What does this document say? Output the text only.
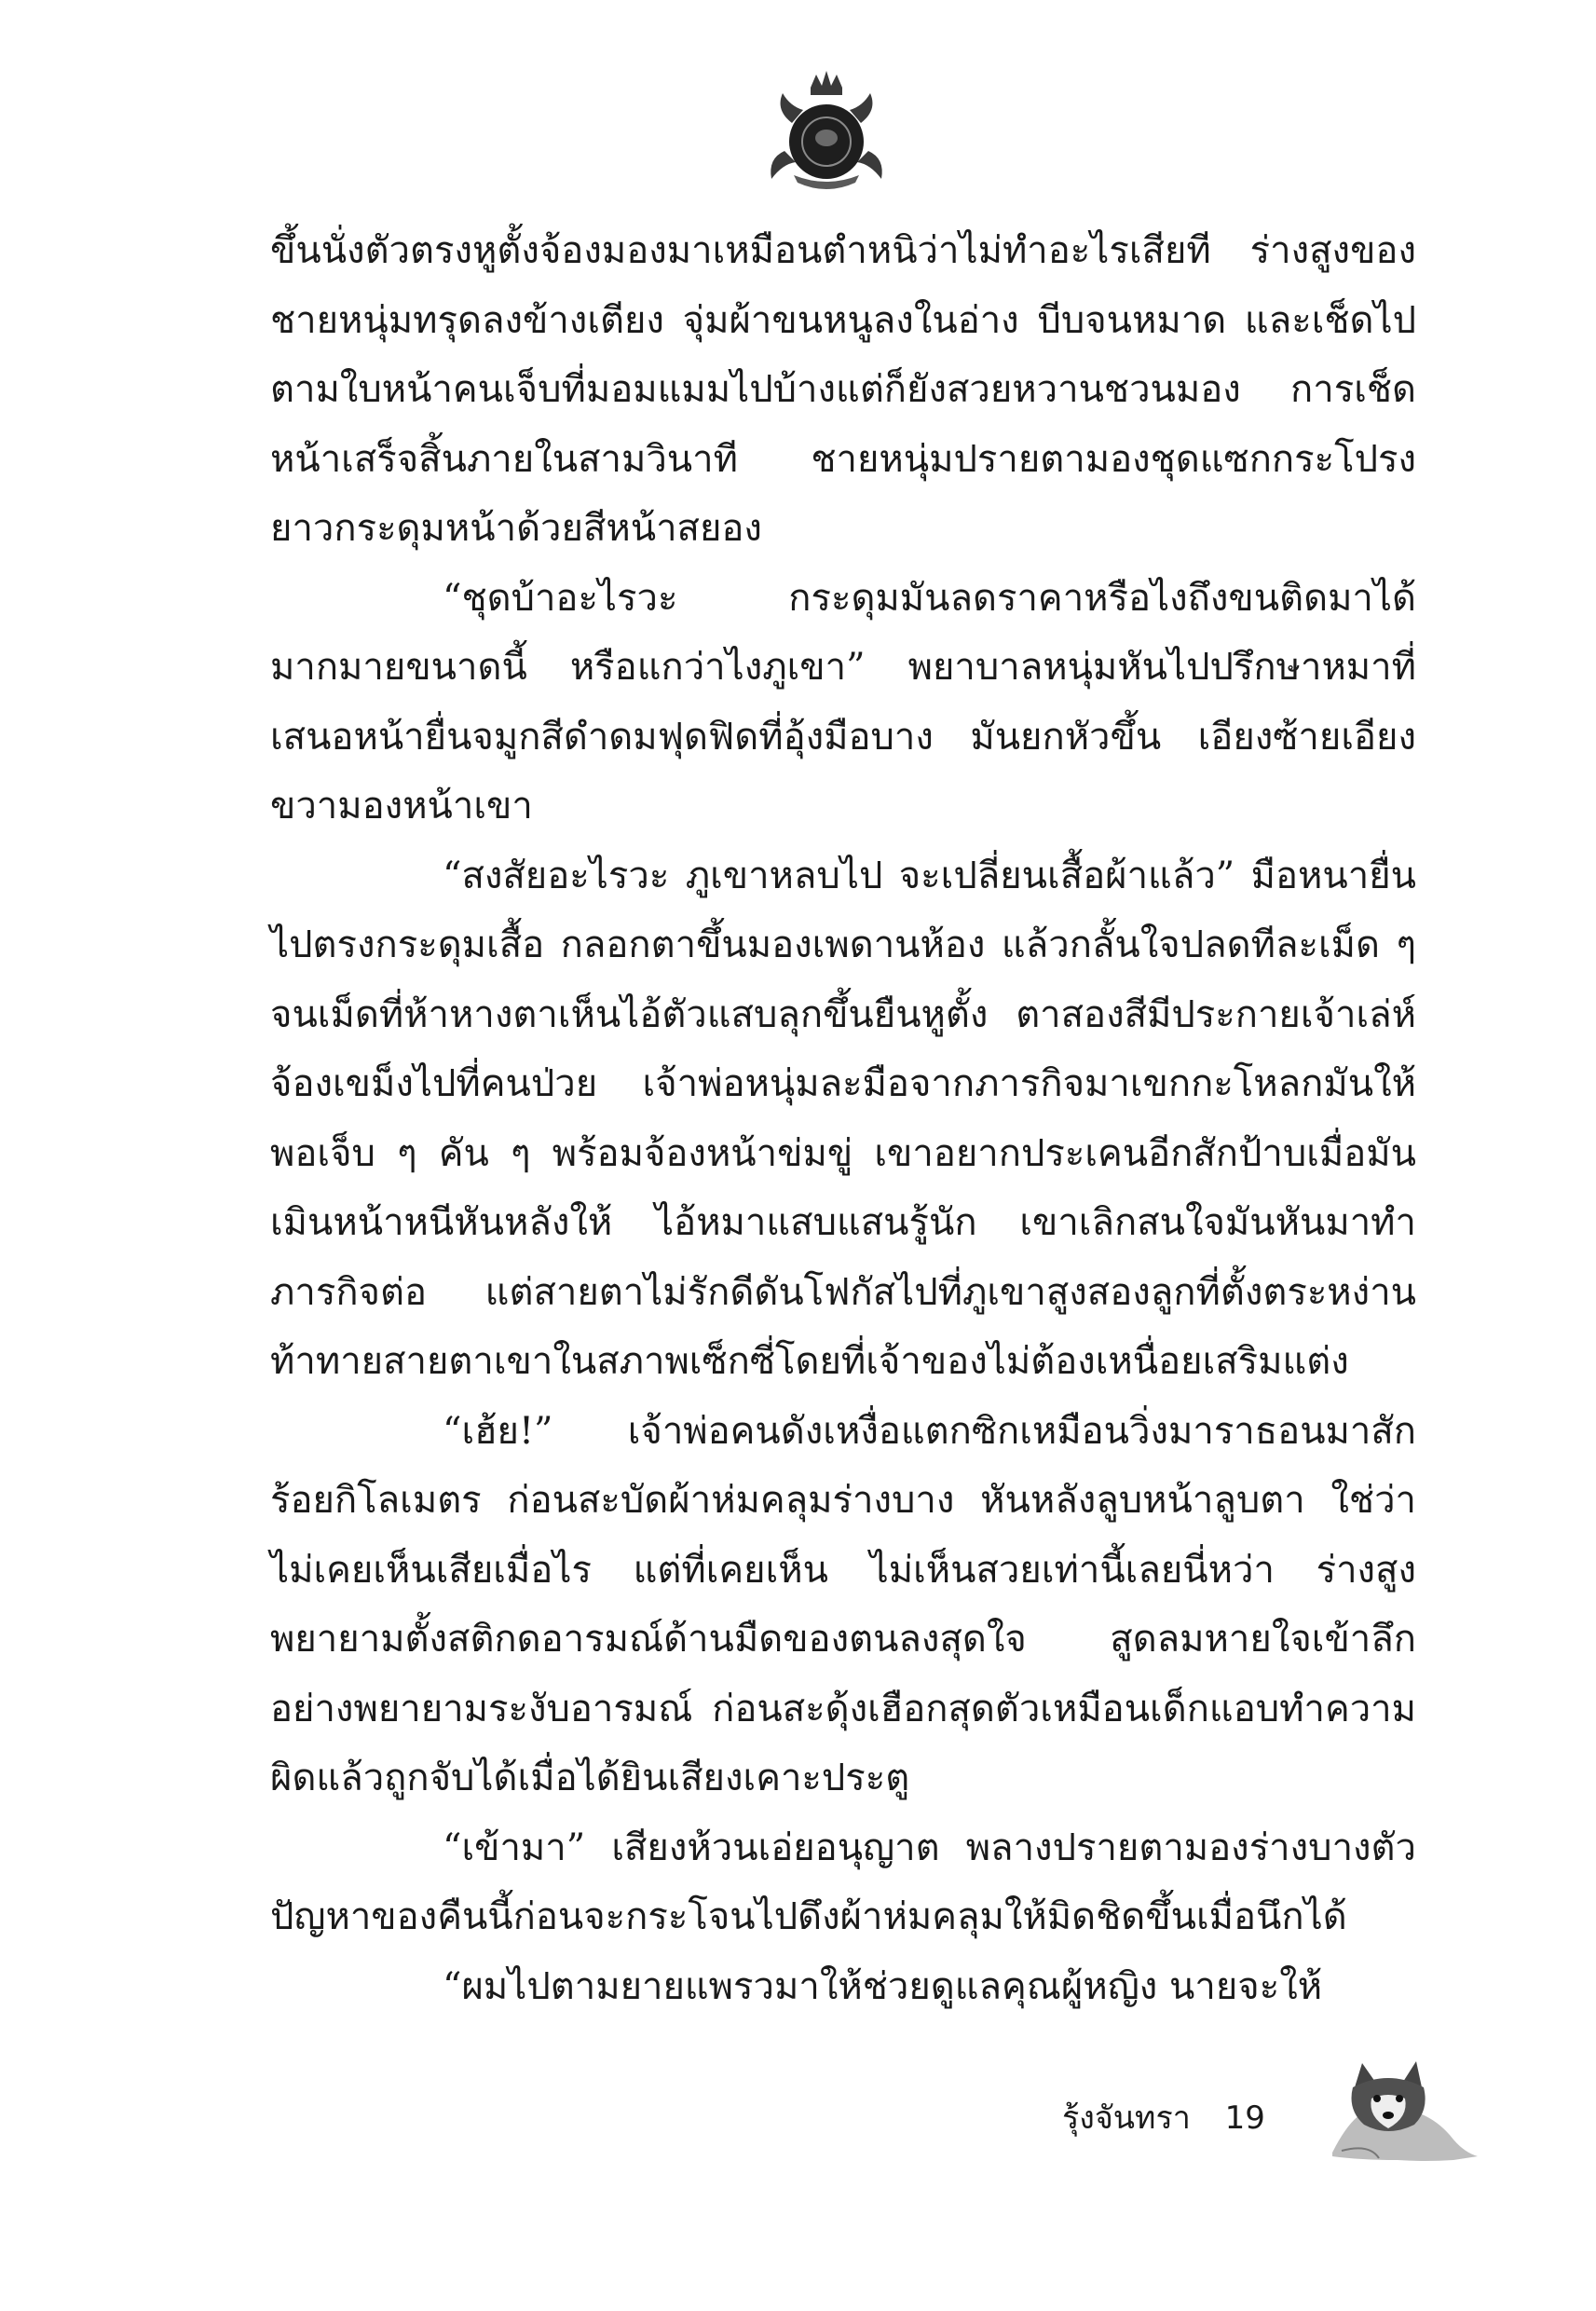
ขึ้นนั่งตัวตรงหูตั้งจ้องมองมาเหมือนตำหนิว่าไม่ทำอะไรเสียที ร่างสูงของชายหนุ่มทรุดลงข้างเตียง จุ่มผ้าขนหนูลงในอ่าง บีบจนหมาด และเช็ดไปตามใบหน้าคนเจ็บที่มอมแมมไปบ้างแต่ก็ยังสวยหวานชวนมอง การเช็ดหน้าเสร็จสิ้นภายในสามวินาที ชายหนุ่มปรายตามองชุดแซกกระโปรงยาวกระดุมหน้าด้วยสีหน้าสยอง

“ชุดบ้าอะไรวะ กระดุมมันลดราคาหรือไงถึงขนติดมาได้มากมายขนาดนี้ หรือแกว่าไงภูเขา” พยาบาลหนุ่มหันไปปรึกษาหมาที่เสนอหน้ายื่นจมูกสีดำดมฟุดฟิดที่อุ้งมือบาง มันยกหัวขึ้น เอียงซ้ายเอียงขวามองหน้าเขา

“สงสัยอะไรวะ ภูเขาหลบไป จะเปลี่ยนเสื้อผ้าแล้ว” มือหนายื่นไปตรงกระดุมเสื้อ กลอกตาขึ้นมองเพดานห้อง แล้วกลั้นใจปลดทีละเม็ด ๆ จนเม็ดที่ห้าหางตาเห็นไอ้ตัวแสบลุกขึ้นยืนหูตั้ง ตาสองสีมีประกายเจ้าเล่ห์จ้องเขม็งไปที่คนป่วย เจ้าพ่อหนุ่มละมือจากภารกิจมาเขกกะโหลกมันให้พอเจ็บ ๆ คัน ๆ พร้อมจ้องหน้าข่มขู่ เขาอยากประเคนอีกสักป้าบเมื่อมันเมินหน้าหนีหันหลังให้ ไอ้หมาแสบแสนรู้นัก เขาเลิกสนใจมันหันมาทำภารกิจต่อ แต่สายตาไม่รักดีดันโฟกัสไปที่ภูเขาสูงสองลูกที่ตั้งตระหง่านท้าทายสายตาเขาในสภาพเซ็กซี่โดยที่เจ้าของไม่ต้องเหนื่อยเสริมแต่ง

“เฮ้ย!” เจ้าพ่อคนดังเหงื่อแตกซิกเหมือนวิ่งมาราธอนมาสักร้อยกิโลเมตร ก่อนสะบัดผ้าห่มคลุมร่างบาง หันหลังลูบหน้าลูบตา ใช่ว่าไม่เคยเห็นเสียเมื่อไร แต่ที่เคยเห็น ไม่เห็นสวยเท่านี้เลยนี่หว่า ร่างสูงพยายามตั้งสติกดอารมณ์ด้านมืดของตนลงสุดใจ สูดลมหายใจเข้าลึกอย่างพยายามระงับอารมณ์ ก่อนสะดุ้งเฮือกสุดตัวเหมือนเด็กแอบทำความผิดแล้วถูกจับได้เมื่อได้ยินเสียงเคาะประตู

“เข้ามา” เสียงห้วนเอ่ยอนุญาต พลางปรายตามองร่างบางตัวปัญหาของคืนนี้ก่อนจะกระโจนไปดึงผ้าห่มคลุมให้มิดชิดขึ้นเมื่อนึกได้

“ผมไปตามยายแพรวมาให้ช่วยดูแลคุณผู้หญิง นายจะให้

รุ้งจันทรา 19
